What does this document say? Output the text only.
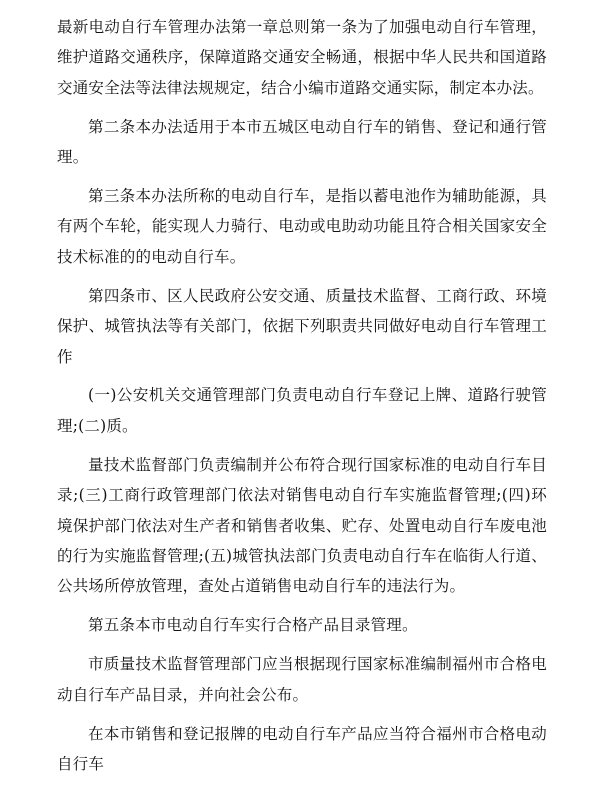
最新电动自行车管理办法第一章总则第一条为了加强电动自行车管理，维护道路交通秩序，保障道路交通安全畅通，根据中华人民共和国道路交通安全法等法律法规规定，结合小编市道路交通实际，制定本办法。

第二条本办法适用于本市五城区电动自行车的销售、登记和通行管理。

第三条本办法所称的电动自行车，是指以蓄电池作为辅助能源，具有两个车轮，能实现人力骑行、电动或电助动功能且符合相关国家安全技术标准的的电动自行车。

第四条市、区人民政府公安交通、质量技术监督、工商行政、环境保护、城管执法等有关部门，依据下列职责共同做好电动自行车管理工作

(一)公安机关交通管理部门负责电动自行车登记上牌、道路行驶管理;(二)质。

量技术监督部门负责编制并公布符合现行国家标准的电动自行车目录;(三)工商行政管理部门依法对销售电动自行车实施监督管理;(四)环境保护部门依法对生产者和销售者收集、贮存、处置电动自行车废电池的行为实施监督管理;(五)城管执法部门负责电动自行车在临街人行道、公共场所停放管理，查处占道销售电动自行车的违法行为。

第五条本市电动自行车实行合格产品目录管理。

市质量技术监督管理部门应当根据现行国家标准编制福州市合格电动自行车产品目录，并向社会公布。

在本市销售和登记报牌的电动自行车产品应当符合福州市合格电动自行车
